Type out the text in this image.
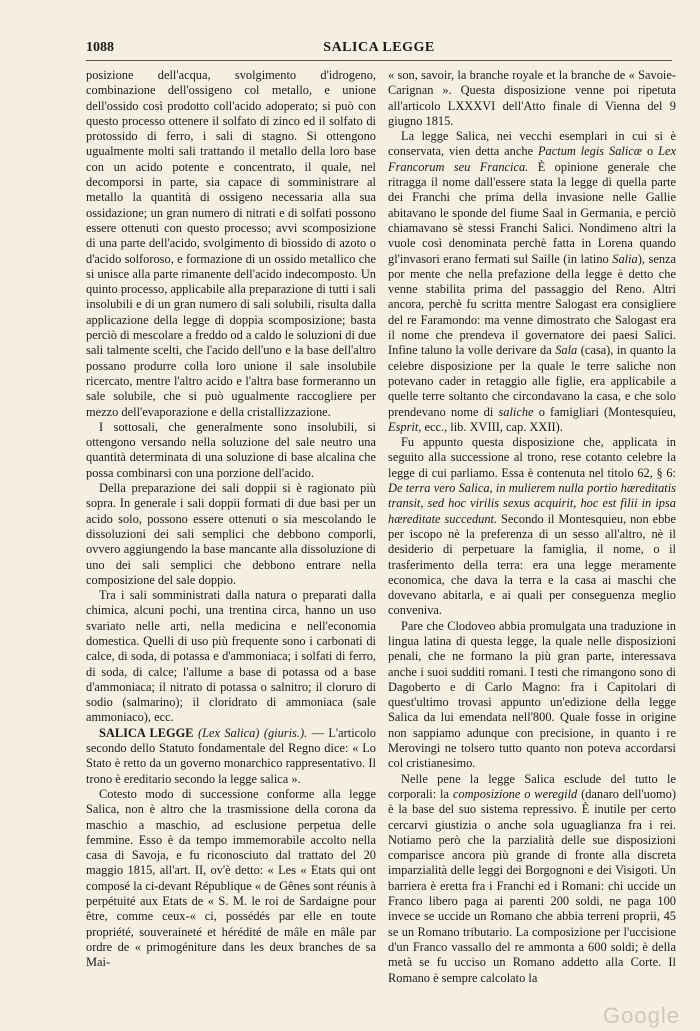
1088	SALICA LEGGE

posizione dell'acqua, svolgimento d'idrogeno, combinazione dell'ossigeno col metallo, e unione dell'ossido così prodotto coll'acido adoperato; si può con questo processo ottenere il solfato di zinco ed il solfato di protossido di ferro, i sali di stagno. Si ottengono ugualmente molti sali trattando il metallo della loro base con un acido potente e concentrato, il quale, nel decomporsi in parte, sia capace di somministrare al metallo la quantità di ossigeno necessaria alla sua ossidazione; un gran numero di nitrati e di solfati possono essere ottenuti con questo processo; avvi scomposizione di una parte dell'acido, svolgimento di biossido di azoto o d'acido solforoso, e formazione di un ossido metallico che si unisce alla parte rimanente dell'acido indecomposto. Un quinto processo, applicabile alla preparazione di tutti i sali insolubili e di un gran numero di sali solubili, risulta dalla applicazione della legge di doppia scomposizione; basta perciò di mescolare a freddo od a caldo le soluzioni di due sali talmente scelti, che l'acido dell'uno e la base dell'altro possano produrre colla loro unione il sale insolubile ricercato, mentre l'altro acido e l'altra base formeranno un sale solubile, che si può ugualmente raccogliere per mezzo dell'evaporazione e della cristallizzazione.

I sottosali, che generalmente sono insolubili, si ottengono versando nella soluzione del sale neutro una quantità determinata di una soluzione di base alcalina che possa combinarsi con una porzione dell'acido.

Della preparazione dei sali doppii si è ragionato più sopra. In generale i sali doppii formati di due basi per un acido solo, possono essere ottenuti o sia mescolando le dissoluzioni dei sali semplici che debbono comporli, ovvero aggiungendo la base mancante alla dissoluzione di uno dei sali semplici che debbono entrare nella composizione del sale doppio.

Tra i sali somministrati dalla natura o preparati dalla chimica, alcuni pochi, una trentina circa, hanno un uso svariato nelle arti, nella medicina e nell'economia domestica. Quelli di uso più frequente sono i carbonati di calce, di soda, di potassa e d'ammoniaca; i solfati di ferro, di soda, di calce; l'allume a base di potassa od a base d'ammoniaca; il nitrato di potassa o salnitro; il cloruro di sodio (salmarino); il cloridrato di ammoniaca (sale ammoniaco), ecc.

SALICA LEGGE (Lex Salica) (giuris.). — L'articolo secondo dello Statuto fondamentale del Regno dice: « Lo Stato è retto da un governo monarchico rappresentativo. Il trono è ereditario secondo la legge salica ».

Cotesto modo di successione conforme alla legge Salica, non è altro che la trasmissione della corona da maschio a maschio, ad esclusione perpetua delle femmine. Esso è da tempo immemorabile accolto nella casa di Savoja, e fu riconosciuto dal trattato del 20 maggio 1815, all'art. II, ov'è detto: « Les « Etats qui ont composé la ci-devant République « de Gênes sont réunis à perpétuité aux Etats de « S. M. le roi de Sardaigne pour être, comme ceux-« ci, possédés par elle en toute propriété, souveraineté et hérédité de mâle en mâle par ordre de « primogéniture dans les deux branches de sa Mai-

« son, savoir, la branche royale et la branche de « Savoie-Carignan ». Questa disposizione venne poi ripetuta all'articolo LXXXVI dell'Atto finale di Vienna del 9 giugno 1815.

La legge Salica, nei vecchi esemplari in cui si è conservata, vien detta anche Pactum legis Salicæ o Lex Francorum seu Francica. È opinione generale che ritragga il nome dall'essere stata la legge di quella parte dei Franchi che prima della invasione nelle Gallie abitavano le sponde del fiume Saal in Germania, e perciò chiamavano sè stessi Franchi Salici. Nondimeno altri la vuole così denominata perchè fatta in Lorena quando gl'invasori erano fermati sul Saille (in latino Salia), senza por mente che nella prefazione della legge è detto che venne stabilita prima del passaggio del Reno. Altri ancora, perchè fu scritta mentre Salogast era consigliere del re Faramondo: ma venne dimostrato che Salogast era il nome che prendeva il governatore dei paesi Salici. Infine taluno la volle derivare da Sala (casa), in quanto la celebre disposizione per la quale le terre saliche non potevano cader in retaggio alle figlie, era applicabile a quelle terre soltanto che circondavano la casa, e che solo prendevano nome di saliche o famigliari (Montesquieu, Esprit, ecc., lib. XVIII, cap. XXII).

Fu appunto questa disposizione che, applicata in seguito alla successione al trono, rese cotanto celebre la legge di cui parliamo. Essa è contenuta nel titolo 62, § 6: De terra vero Salica, in mulierem nulla portio hæreditatis transit, sed hoc virilis sexus acquirit, hoc est filii in ipsa hæreditate succedunt. Secondo il Montesquieu, non ebbe per iscopo nè la preferenza di un sesso all'altro, nè il desiderio di perpetuare la famiglia, il nome, o il trasferimento della terra: era una legge meramente economica, che dava la terra e la casa ai maschi che dovevano abitarla, e ai quali per conseguenza meglio conveniva.

Pare che Clodoveo abbia promulgata una traduzione in lingua latina di questa legge, la quale nelle disposizioni penali, che ne formano la più gran parte, interessava anche i suoi sudditi romani. I testi che rimangono sono di Dagoberto e di Carlo Magno: fra i Capitolari di quest'ultimo trovasi appunto un'edizione della legge Salica da lui emendata nell'800. Quale fosse in origine non sappiamo adunque con precisione, in quanto i re Merovingi ne tolsero tutto quanto non poteva accordarsi col cristianesimo.

Nelle pene la legge Salica esclude del tutto le corporali: la composizione o weregild (danaro dell'uomo) è la base del suo sistema repressivo. È inutile per certo cercarvi giustizia o anche sola uguaglianza fra i rei. Notiamo però che la parzialità delle sue disposizioni comparisce ancora più grande di fronte alla discreta imparzialità delle leggi dei Borgognoni e dei Visigoti. Un barriera è eretta fra i Franchi ed i Romani: chi uccide un Franco libero paga ai parenti 200 soldi, ne paga 100 invece se uccide un Romano che abbia terreni proprii, 45 se un Romano tributario. La composizione per l'uccisione d'un Franco vassallo del re ammonta a 600 soldi; è della metà se fu ucciso un Romano addetto alla Corte. Il Romano è sempre calcolato la

Google
